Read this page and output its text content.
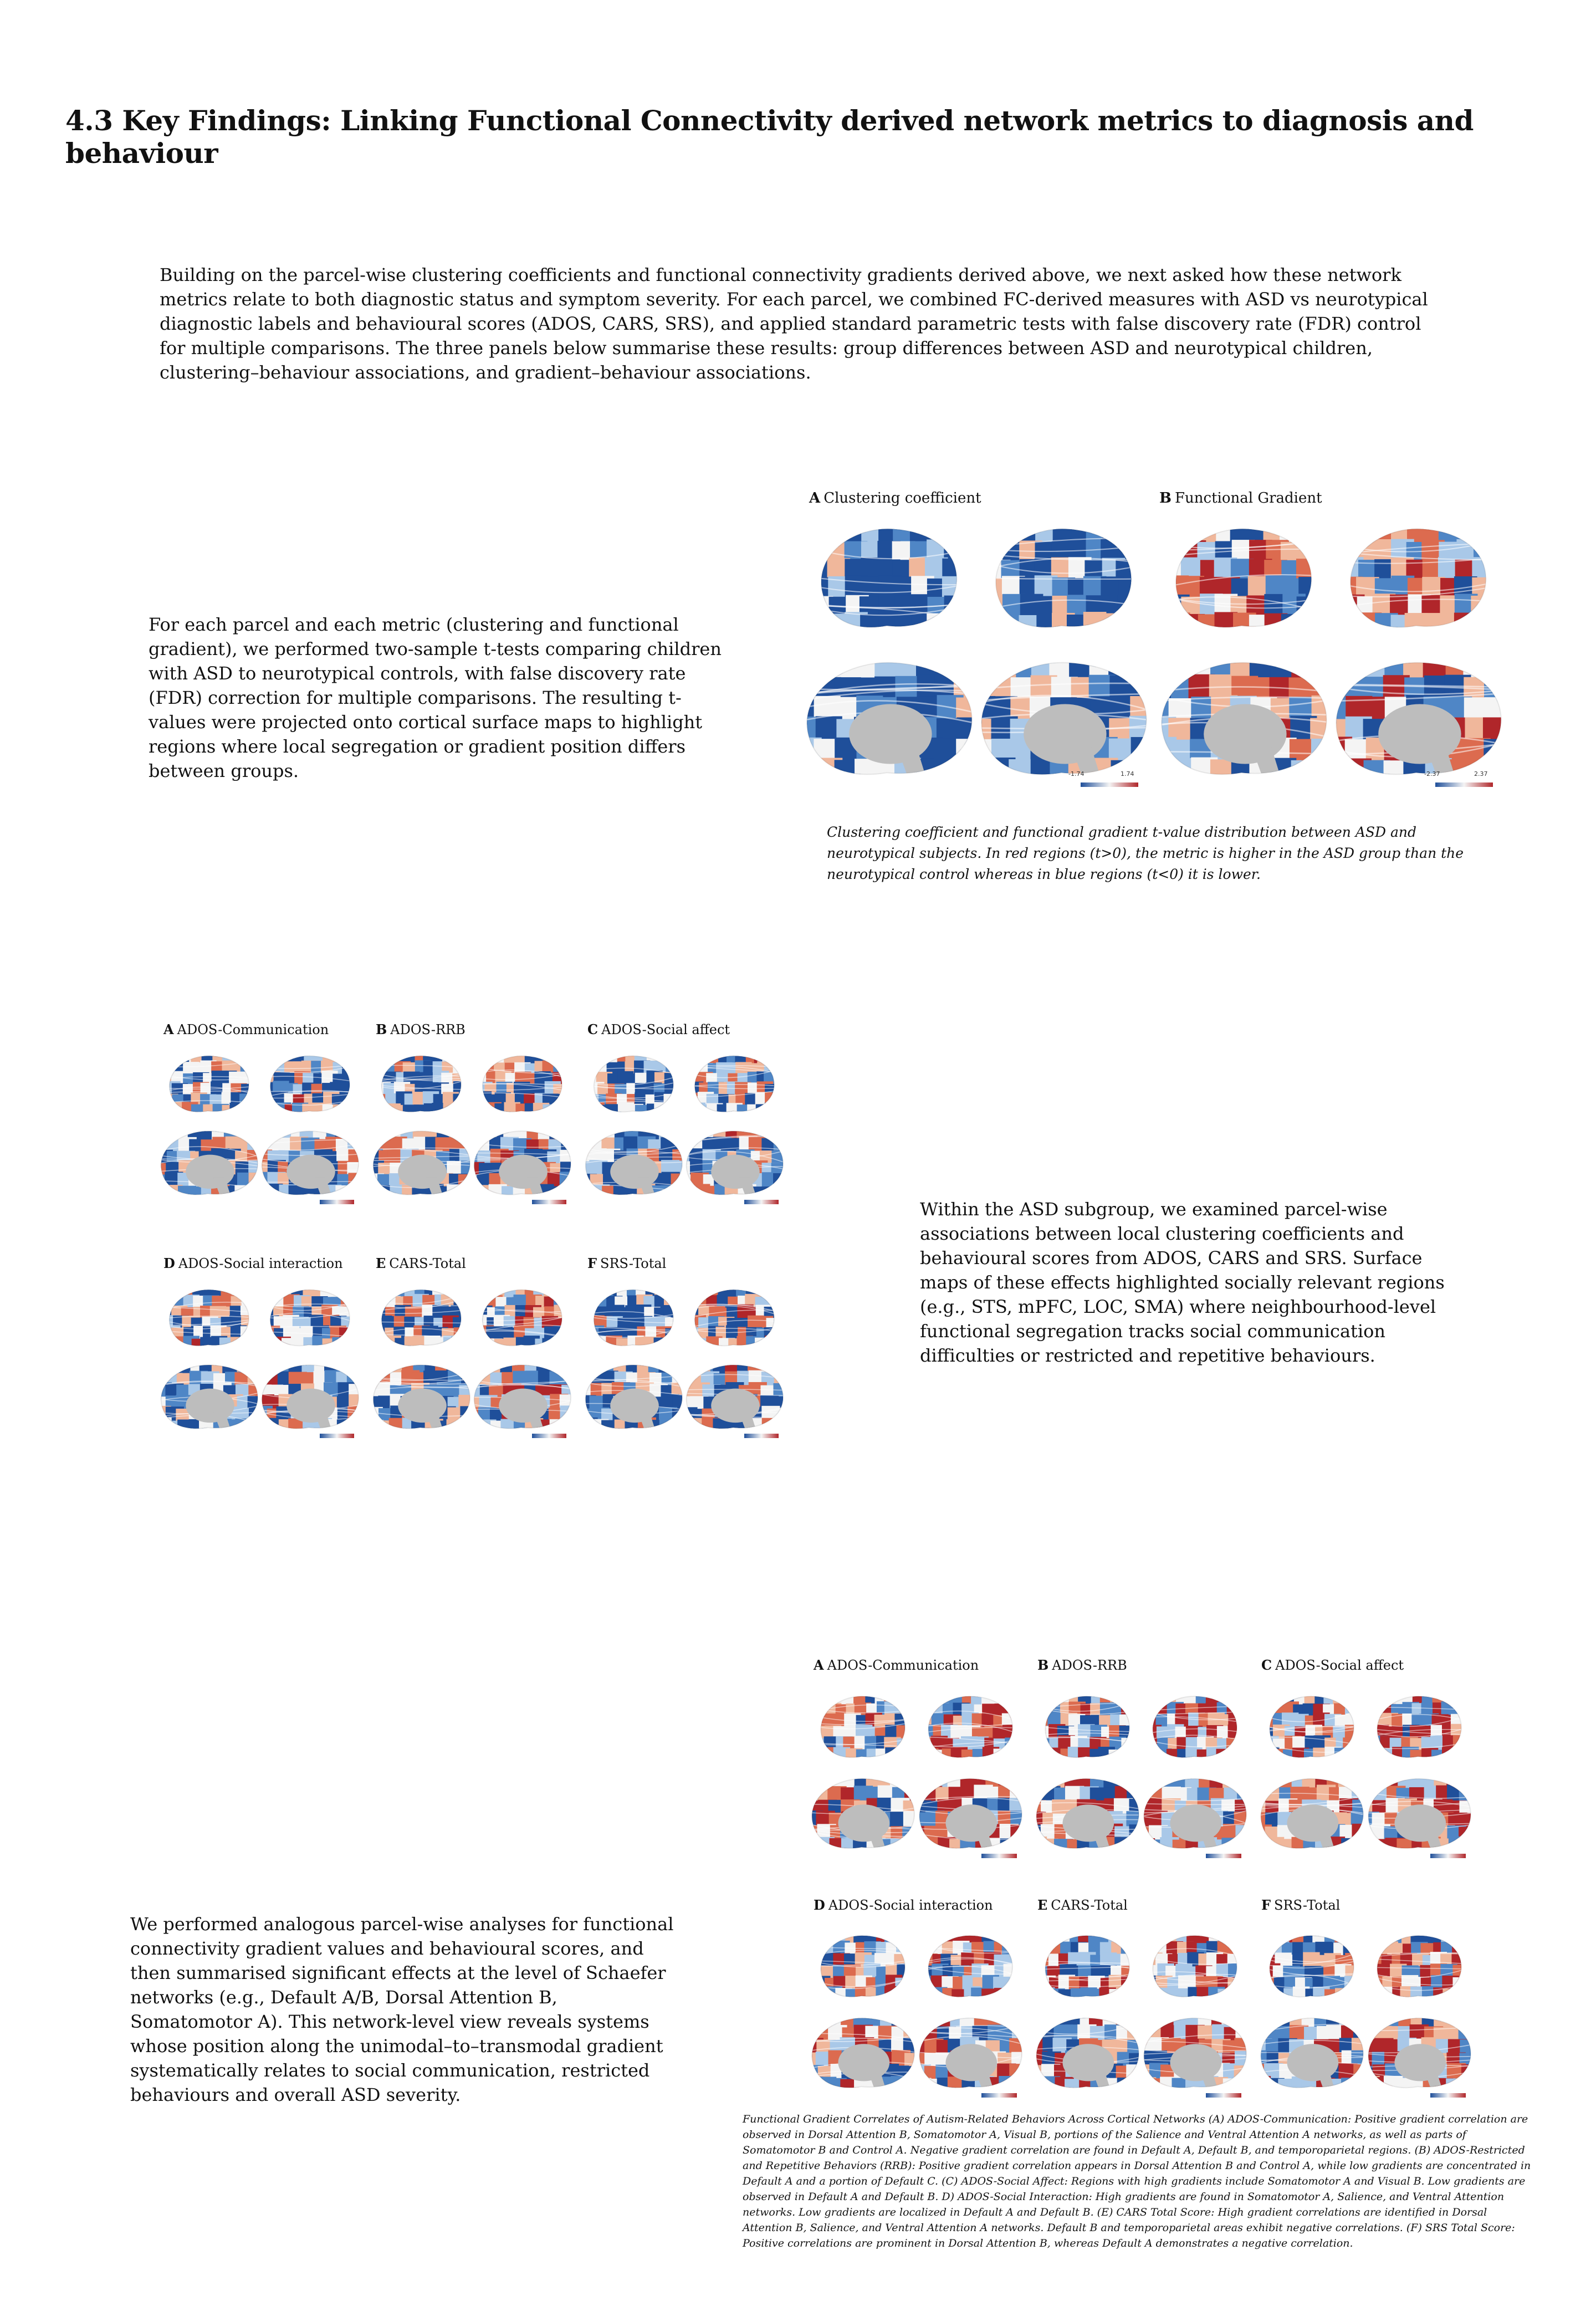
4.3 Key Findings: Linking Functional Connectivity derived network metrics to diagnosis and behaviour

Building on the parcel-wise clustering coefficients and functional connectivity gradients derived above, we next asked how these network metrics relate to both diagnostic status and symptom severity. For each parcel, we combined FC-derived measures with ASD vs neurotypical diagnostic labels and behavioural scores (ADOS, CARS, SRS), and applied standard parametric tests with false discovery rate (FDR) control for multiple comparisons. The three panels below summarise these results: group differences between ASD and neurotypical children, clustering–behaviour associations, and gradient–behaviour associations.

A Clustering coefficient	B Functional Gradient
-1.74	1.74	-2.37	2.37

For each parcel and each metric (clustering and functional gradient), we performed two-sample t-tests comparing children with ASD to neurotypical controls, with false discovery rate (FDR) correction for multiple comparisons. The resulting t-values were projected onto cortical surface maps to highlight regions where local segregation or gradient position differs between groups.

Clustering coefficient and functional gradient t-value distribution between ASD and neurotypical subjects. In red regions (t>0), the metric is higher in the ASD group than the neurotypical control whereas in blue regions (t<0) it is lower.

A ADOS-Communication	B ADOS-RRB	C ADOS-Social affect
D ADOS-Social interaction E CARS-Total	F SRS-Total

Within the ASD subgroup, we examined parcel-wise associations between local clustering coefficients and behavioural scores from ADOS, CARS and SRS. Surface maps of these effects highlighted socially relevant regions (e.g., STS, mPFC, LOC, SMA) where neighbourhood-level functional segregation tracks social communication difficulties or restricted and repetitive behaviours.

A ADOS-Communication	B ADOS-RRB	C ADOS-Social affect
D ADOS-Social interaction	E CARS-Total	F SRS-Total

We performed analogous parcel-wise analyses for functional connectivity gradient values and behavioural scores, and then summarised significant effects at the level of Schaefer networks (e.g., Default A/B, Dorsal Attention B, Somatomotor A). This network-level view reveals systems whose position along the unimodal–to–transmodal gradient systematically relates to social communication, restricted behaviours and overall ASD severity.

Functional Gradient Correlates of Autism-Related Behaviors Across Cortical Networks (A) ADOS-Communication: Positive gradient correlation are observed in Dorsal Attention B, Somatomotor A, Visual B, portions of the Salience and Ventral Attention A networks, as well as parts of Somatomotor B and Control A. Negative gradient correlation are found in Default A, Default B, and temporoparietal regions. (B) ADOS-Restricted and Repetitive Behaviors (RRB): Positive gradient correlation appears in Dorsal Attention B and Control A, while low gradients are concentrated in Default A and a portion of Default C. (C) ADOS-Social Affect: Regions with high gradients include Somatomotor A and Visual B. Low gradients are observed in Default A and Default B. D) ADOS-Social Interaction: High gradients are found in Somatomotor A, Salience, and Ventral Attention networks. Low gradients are localized in Default A and Default B. (E) CARS Total Score: High gradient correlations are identified in Dorsal Attention B, Salience, and Ventral Attention A networks. Default B and temporoparietal areas exhibit negative correlations. (F) SRS Total Score: Positive correlations are prominent in Dorsal Attention B, whereas Default A demonstrates a negative correlation.
